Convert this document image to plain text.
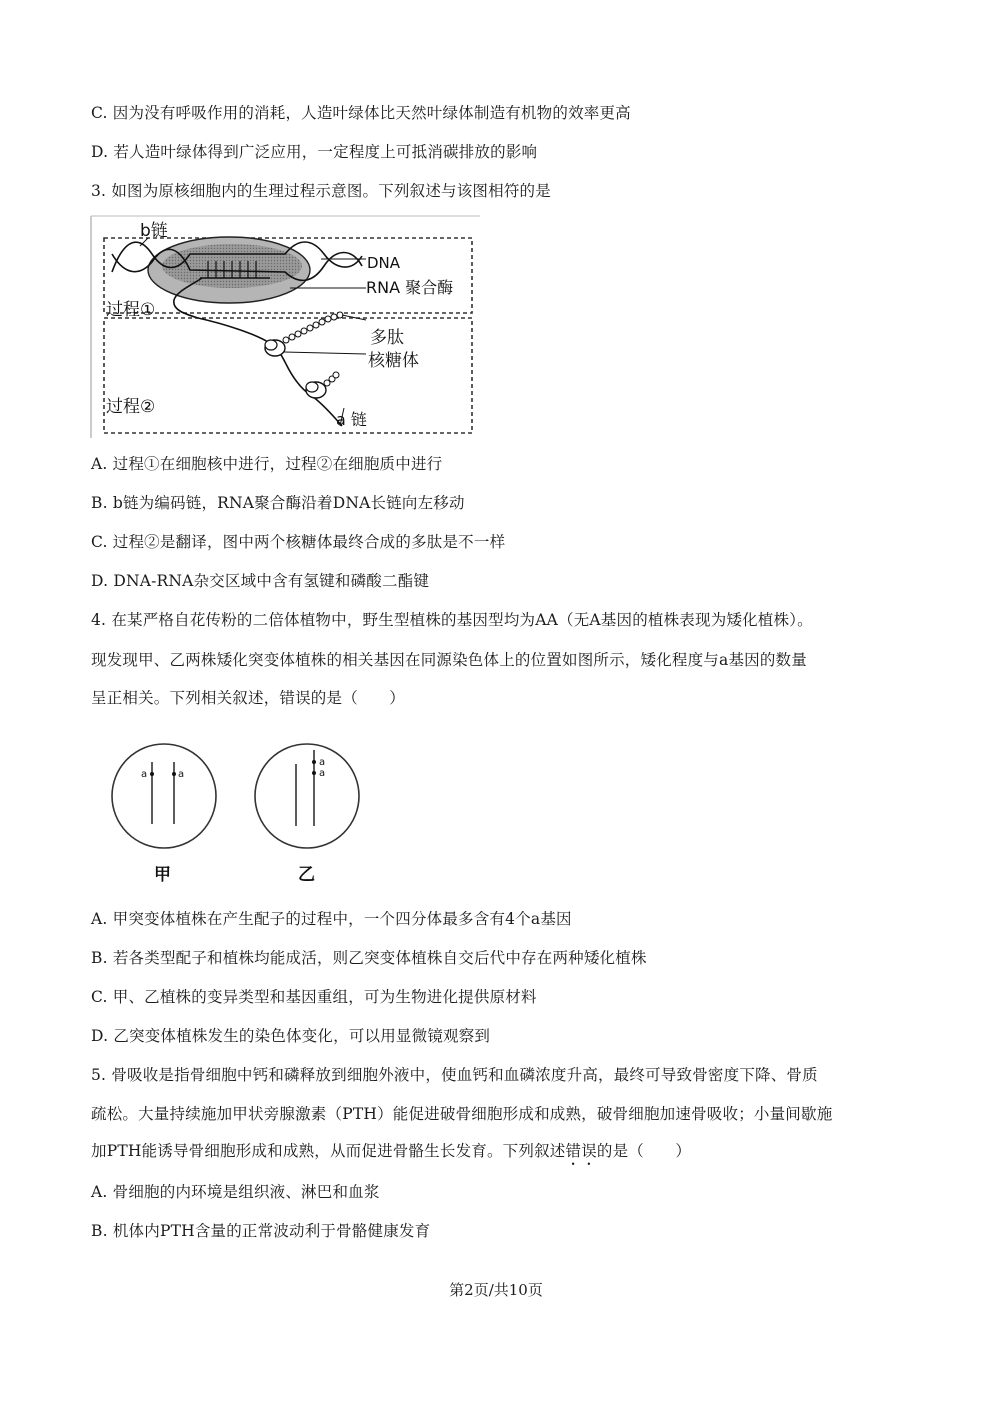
C. 因为没有呼吸作用的消耗，人造叶绿体比天然叶绿体制造有机物的效率更高
D. 若人造叶绿体得到广泛应用，一定程度上可抵消碳排放的影响
3. 如图为原核细胞内的生理过程示意图。下列叙述与该图相符的是
b链
DNA
RNA 聚合酶
过程①
多肽
核糖体
过程②
a 链
A. 过程①在细胞核中进行，过程②在细胞质中进行
B. b链为编码链，RNA聚合酶沿着DNA长链向左移动
C. 过程②是翻译，图中两个核糖体最终合成的多肽是不一样
D. DNA-RNA杂交区域中含有氢键和磷酸二酯键
4. 在某严格自花传粉的二倍体植物中，野生型植株的基因型均为AA（无A基因的植株表现为矮化植株）。
现发现甲、乙两株矮化突变体植株的相关基因在同源染色体上的位置如图所示，矮化程度与a基因的数量
呈正相关。下列相关叙述，错误的是（　　）
a	a
a
a
甲	乙
A. 甲突变体植株在产生配子的过程中，一个四分体最多含有4个a基因
B. 若各类型配子和植株均能成活，则乙突变体植株自交后代中存在两种矮化植株
C. 甲、乙植株的变异类型和基因重组，可为生物进化提供原材料
D. 乙突变体植株发生的染色体变化，可以用显微镜观察到
5. 骨吸收是指骨细胞中钙和磷释放到细胞外液中，使血钙和血磷浓度升高，最终可导致骨密度下降、骨质
疏松。大量持续施加甲状旁腺激素（PTH）能促进破骨细胞形成和成熟，破骨细胞加速骨吸收；小量间歇施
加PTH能诱导骨细胞形成和成熟，从而促进骨骼生长发育。下列叙述错误的是（　　）
A. 骨细胞的内环境是组织液、淋巴和血浆
B. 机体内PTH含量的正常波动利于骨骼健康发育
第2页/共10页
